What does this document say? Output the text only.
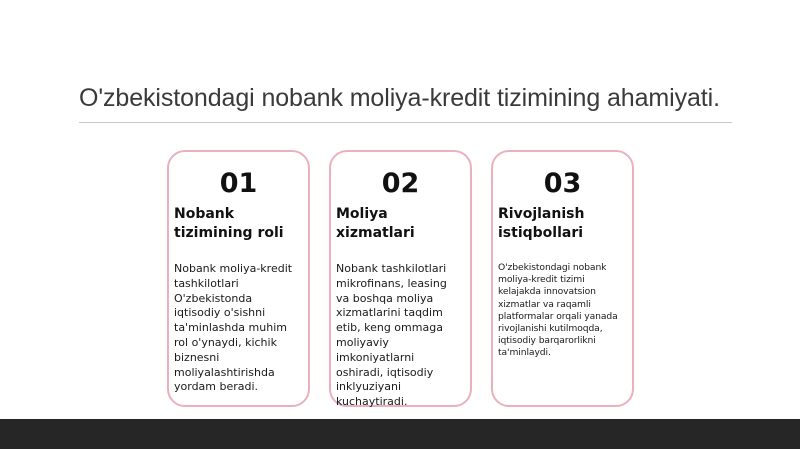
O'zbekistondagi nobank moliya-kredit tizimining ahamiyati.
01
Nobank tizimining roli
Nobank moliya-kredit tashkilotlari O'zbekistonda iqtisodiy o'sishni ta'minlashda muhim rol o'ynaydi, kichik biznesni moliyalashtirishda yordam beradi.
02
Moliya xizmatlari
Nobank tashkilotlari mikrofinans, leasing va boshqa moliya xizmatlarini taqdim etib, keng ommaga moliyaviy imkoniyatlarni oshiradi, iqtisodiy inklyuziyani kuchaytiradi.
03
Rivojlanish istiqbollari
O'zbekistondagi nobank moliya-kredit tizimi kelajakda innovatsion xizmatlar va raqamli platformalar orqali yanada rivojlanishi kutilmoqda, iqtisodiy barqarorlikni ta'minlaydi.
